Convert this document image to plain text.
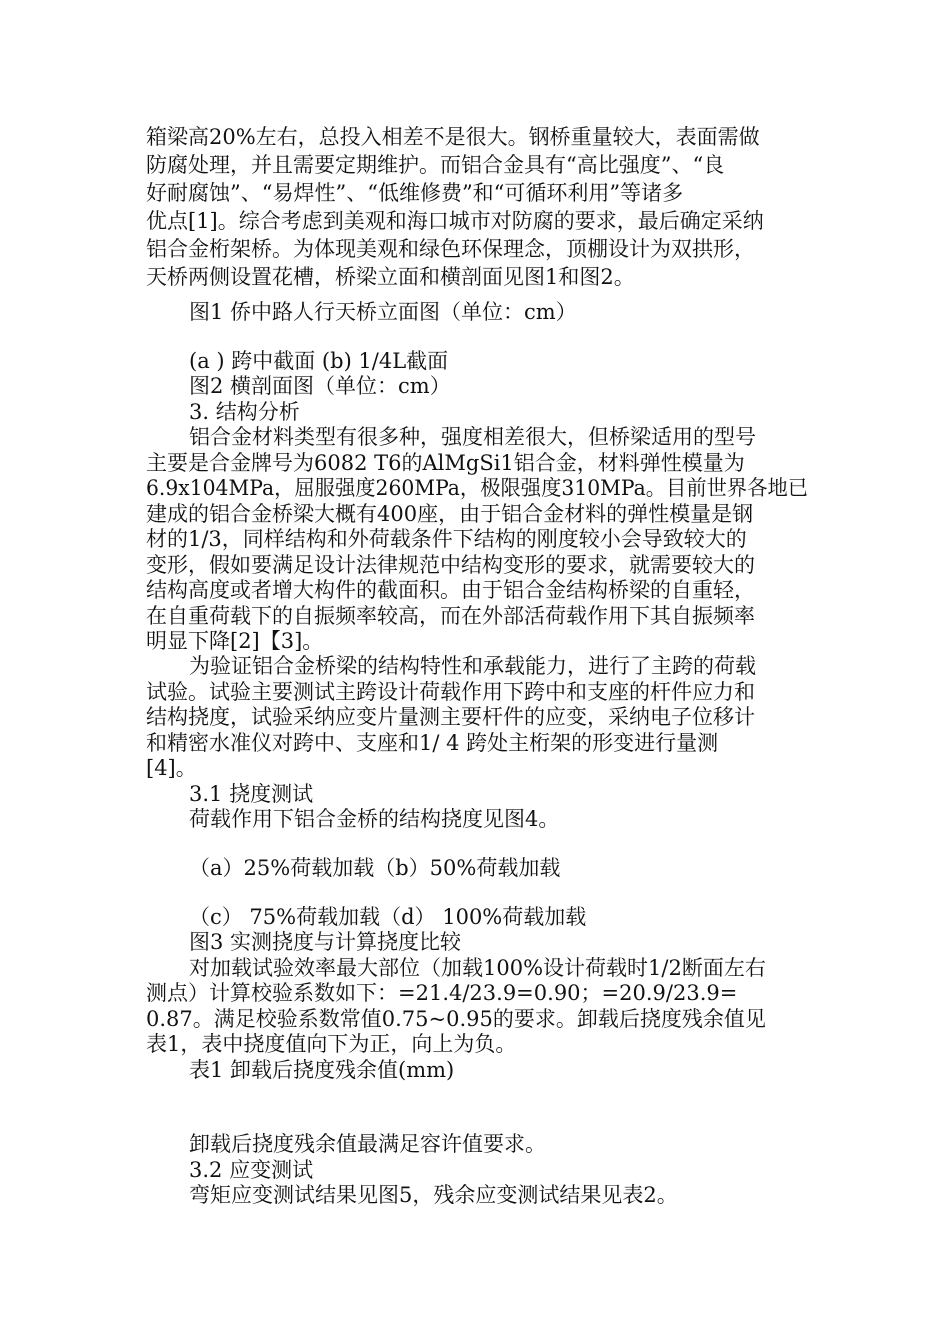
箱梁高20%左右，总投入相差不是很大。钢桥重量较大，表面需做
防腐处理，并且需要定期维护。而铝合金具有“高比强度”、“良
好耐腐蚀”、“易焊性”、“低维修费”和“可循环利用”等诸多
优点[1]。综合考虑到美观和海口城市对防腐的要求，最后确定采纳
铝合金桁架桥。为体现美观和绿色环保理念，顶棚设计为双拱形，
天桥两侧设置花槽，桥梁立面和横剖面见图1和图2。
图1 侨中路人行天桥立面图（单位：cm）
(a ) 跨中截面 (b) 1/4L截面
图2 横剖面图（单位：cm）
3. 结构分析
铝合金材料类型有很多种，强度相差很大，但桥梁适用的型号
主要是合金牌号为6082 T6的AlMgSi1铝合金，材料弹性模量为
6.9x104MPa，屈服强度260MPa，极限强度310MPa。目前世界各地已
建成的铝合金桥梁大概有400座，由于铝合金材料的弹性模量是钢
材的1/3，同样结构和外荷载条件下结构的刚度较小会导致较大的
变形，假如要满足设计法律规范中结构变形的要求，就需要较大的
结构高度或者增大构件的截面积。由于铝合金结构桥梁的自重轻，
在自重荷载下的自振频率较高，而在外部活荷载作用下其自振频率
明显下降[2]【3]。
为验证铝合金桥梁的结构特性和承载能力，进行了主跨的荷载
试验。试验主要测试主跨设计荷载作用下跨中和支座的杆件应力和
结构挠度，试验采纳应变片量测主要杆件的应变，采纳电子位移计
和精密水准仪对跨中、支座和1/ 4 跨处主桁架的形变进行量测
[4]。
3.1 挠度测试
荷载作用下铝合金桥的结构挠度见图4。
（a）25%荷载加载（b）50%荷载加载
（c） 75%荷载加载（d） 100%荷载加载
图3 实测挠度与计算挠度比较
对加载试验效率最大部位（加载100%设计荷载时1/2断面左右
测点）计算校验系数如下：=21.4/23.9=0.90；=20.9/23.9=
0.87。满足校验系数常值0.75~0.95的要求。卸载后挠度残余值见
表1，表中挠度值向下为正，向上为负。
表1 卸载后挠度残余值(mm)
卸载后挠度残余值最满足容许值要求。
3.2 应变测试
弯矩应变测试结果见图5，残余应变测试结果见表2。
